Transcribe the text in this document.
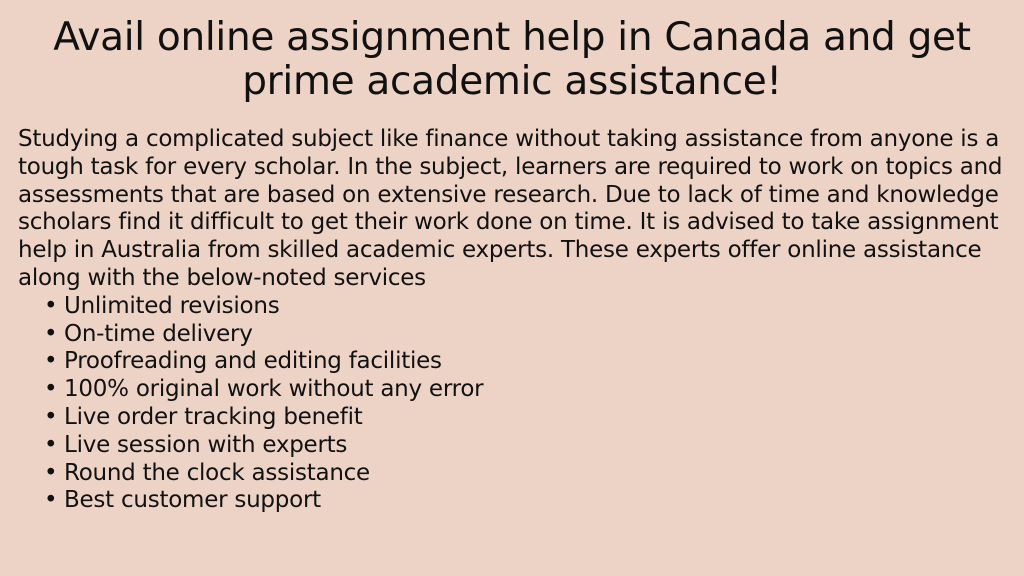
Avail online assignment help in Canada and get prime academic assistance!

Studying a complicated subject like finance without taking assistance from anyone is a tough task for every scholar. In the subject, learners are required to work on topics and assessments that are based on extensive research. Due to lack of time and knowledge scholars find it difficult to get their work done on time. It is advised to take assignment help in Australia from skilled academic experts. These experts offer online assistance along with the below-noted services

• Unlimited revisions
• On-time delivery
• Proofreading and editing facilities
• 100% original work without any error
• Live order tracking benefit
• Live session with experts
• Round the clock assistance
• Best customer support
